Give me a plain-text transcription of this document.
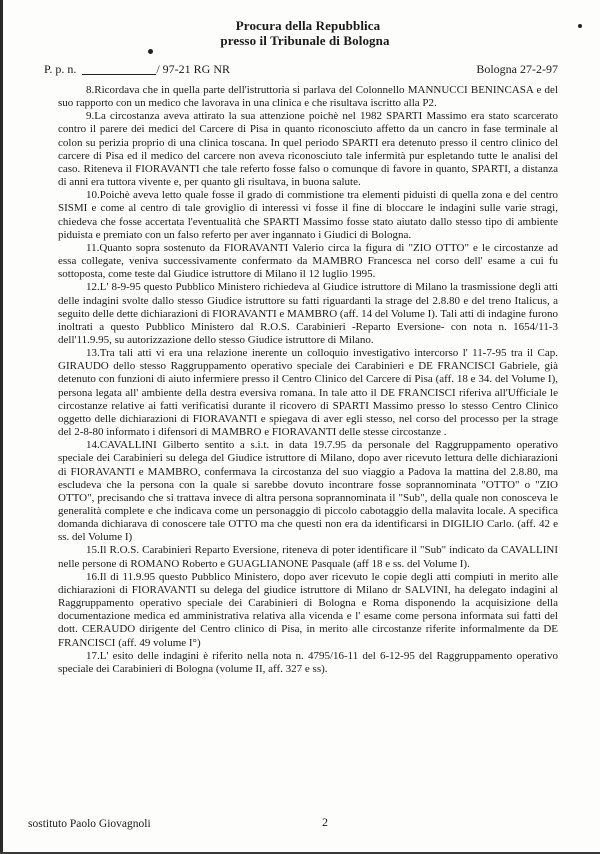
Procura della Repubblica
presso il Tribunale di Bologna
P. p. n.	/ 97-21 RG NR	Bologna 27-2-97

8.Ricordava che in quella parte dell'istruttoria si parlava del Colonnello MANNUCCI BENINCASA e del suo rapporto con un medico che lavorava in una clinica e che risultava iscritto alla P2.

9.La circostanza aveva attirato la sua attenzione poichè nel 1982 SPARTI Massimo era stato scarcerato contro il parere dei medici del Carcere di Pisa in quanto riconosciuto affetto da un cancro in fase terminale al colon su perizia proprio di una clinica toscana. In quel periodo SPARTI era detenuto presso il centro clinico del carcere di Pisa ed il medico del carcere non aveva riconosciuto tale infermità pur espletando tutte le analisi del caso. Riteneva il FIORAVANTI che tale referto fosse falso o comunque di favore in quanto, SPARTI, a distanza di anni era tuttora vivente e, per quanto gli risultava, in buona salute.

10.Poichè aveva letto quale fosse il grado di commistione tra elementi piduisti di quella zona e del centro SISMI e come al centro di tale groviglio di interessi vi fosse il fine di bloccare le indagini sulle varie stragi, chiedeva che fosse accertata l'eventualità che SPARTI Massimo fosse stato aiutato dallo stesso tipo di ambiente piduista e premiato con un falso referto per aver ingannato i Giudici di Bologna.

11.Quanto sopra sostenuto da FIORAVANTI Valerio circa la figura di "ZIO OTTO" e le circostanze ad essa collegate, veniva successivamente confermato da MAMBRO Francesca nel corso dell' esame a cui fu sottoposta, come teste dal Giudice istruttore di Milano il 12 luglio 1995.

12.L' 8-9-95 questo Pubblico Ministero richiedeva al Giudice istruttore di Milano la trasmissione degli atti delle indagini svolte dallo stesso Giudice istruttore su fatti riguardanti la strage del 2.8.80 e del treno Italicus, a seguito delle dette dichiarazioni di FIORAVANTI e MAMBRO (aff. 14 del Volume I). Tali atti di indagine furono inoltrati a questo Pubblico Ministero dal R.O.S. Carabinieri -Reparto Eversione- con nota n. 1654/11-3 dell'11.9.95, su autorizzazione dello stesso Giudice istruttore di Milano.

13.Tra tali atti vi era una relazione inerente un colloquio investigativo intercorso l' 11-7-95 tra il Cap. GIRAUDO dello stesso Raggruppamento operativo speciale dei Carabinieri e DE FRANCISCI Gabriele, già detenuto con funzioni di aiuto infermiere presso il Centro Clinico del Carcere di Pisa (aff. 18 e 34. del Volume I), persona legata all' ambiente della destra eversiva romana. In tale atto il DE FRANCISCI riferiva all'Ufficiale le circostanze relative ai fatti verificatisi durante il ricovero di SPARTI Massimo presso lo stesso Centro Clinico oggetto delle dichiarazioni di FIORAVANTI e spiegava di aver egli stesso, nel corso del processo per la strage del 2-8-80 informato i difensori di MAMBRO e FIORAVANTI delle stesse circostanze .

14.CAVALLINI Gilberto sentito a s.i.t. in data 19.7.95 da personale del Raggruppamento operativo speciale dei Carabinieri su delega del Giudice istruttore di Milano, dopo aver ricevuto lettura delle dichiarazioni di FIORAVANTI e MAMBRO, confermava la circostanza del suo viaggio a Padova la mattina del 2.8.80, ma escludeva che la persona con la quale si sarebbe dovuto incontrare fosse soprannominata "OTTO" o "ZIO OTTO", precisando che si trattava invece di altra persona soprannominata il "Sub", della quale non conosceva le generalità complete e che indicava come un personaggio di piccolo cabotaggio della malavita locale. A specifica domanda dichiarava di conoscere tale OTTO ma che questi non era da identificarsi in DIGILIO Carlo. (aff. 42 e ss. del Volume I)

15.Il R.O.S. Carabinieri Reparto Eversione, riteneva di poter identificare il "Sub" indicato da CAVALLINI nelle persone di ROMANO Roberto e GUAGLIANONE Pasquale (aff 18 e ss. del Volume I).

16.Il di 11.9.95 questo Pubblico Ministero, dopo aver ricevuto le copie degli atti compiuti in merito alle dichiarazioni di FIORAVANTI su delega del giudice istruttore di Milano dr SALVINI, ha delegato indagini al Raggruppamento operativo speciale dei Carabinieri di Bologna e Roma disponendo la acquisizione della documentazione medica ed amministrativa relativa alla vicenda e l' esame come persona informata sui fatti del dott. CERAUDO dirigente del Centro clinico di Pisa, in merito alle circostanze riferite informalmente da DE FRANCISCI (aff. 49 volume I°)

17.L' esito delle indagini è riferito nella nota n. 4795/16-11 del 6-12-95 del Raggruppamento operativo speciale dei Carabinieri di Bologna (volume II, aff. 327 e ss).

sostituto Paolo Giovagnoli	2
